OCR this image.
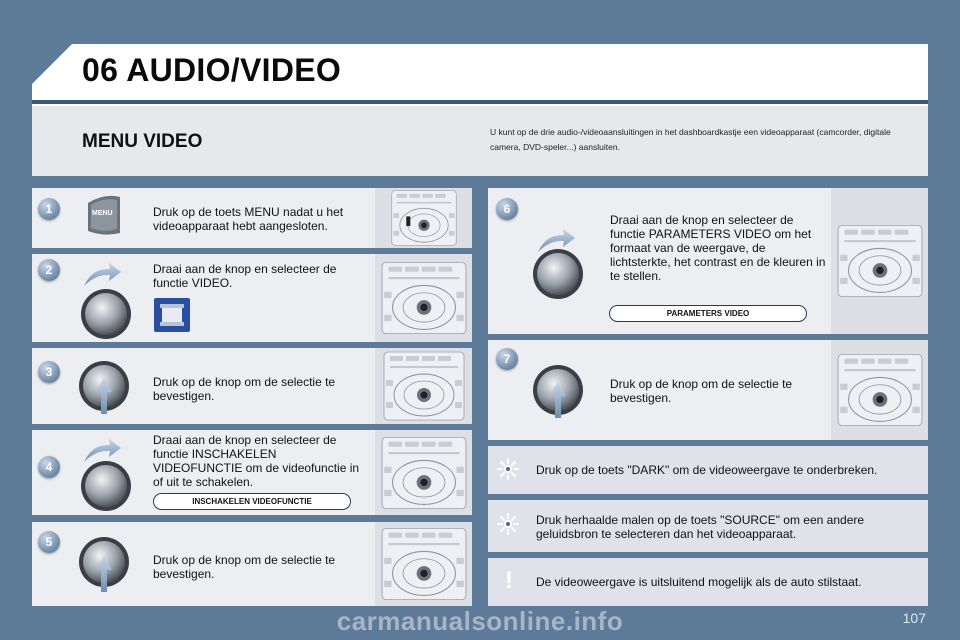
06 AUDIO/VIDEO
MENU VIDEO	U kunt op de drie audio-/videoaansluitingen in het dashboardkastje een videoapparaat (camcorder, digitale camera, DVD-speler...) aansluiten.
1	MENU	Druk op de toets MENU nadat u het videoapparaat hebt aangesloten.
2	Draai aan de knop en selecteer de functie VIDEO.
3
Druk op de knop om de selectie te bevestigen.
4
Draai aan de knop en selecteer de functie INSCHAKELEN VIDEOFUNCTIE om de videofunctie in of uit te schakelen.
INSCHAKELEN VIDEOFUNCTIE
5
Druk op de knop om de selectie te bevestigen.
6
Draai aan de knop en selecteer de functie PARAMETERS VIDEO om het formaat van de weergave, de lichtsterkte, het contrast en de kleuren in te stellen.
PARAMETERS VIDEO
7
Druk op de knop om de selectie te bevestigen.
Druk op de toets "DARK" om de videoweergave te onderbreken.
Druk herhaalde malen op de toets "SOURCE" om een andere geluidsbron te selecteren dan het videoapparaat.
!	De videoweergave is uitsluitend mogelijk als de auto stilstaat.
carmanualsonline.info	107
